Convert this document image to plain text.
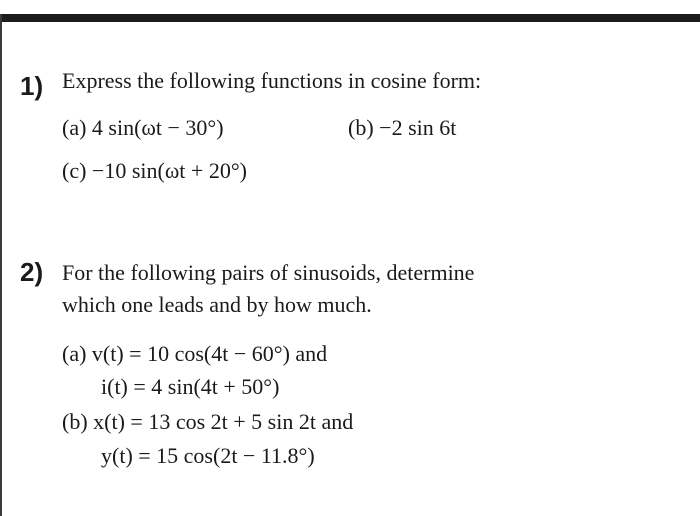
1) Express the following functions in cosine form:
(a) 4 sin(ωt − 30°)	(b) −2 sin 6t
(c) −10 sin(ωt + 20°)
2) For the following pairs of sinusoids, determine
which one leads and by how much.
(a) v(t) = 10 cos(4t − 60°) and
i(t) = 4 sin(4t + 50°)
(b) x(t) = 13 cos 2t + 5 sin 2t and
y(t) = 15 cos(2t − 11.8°)
